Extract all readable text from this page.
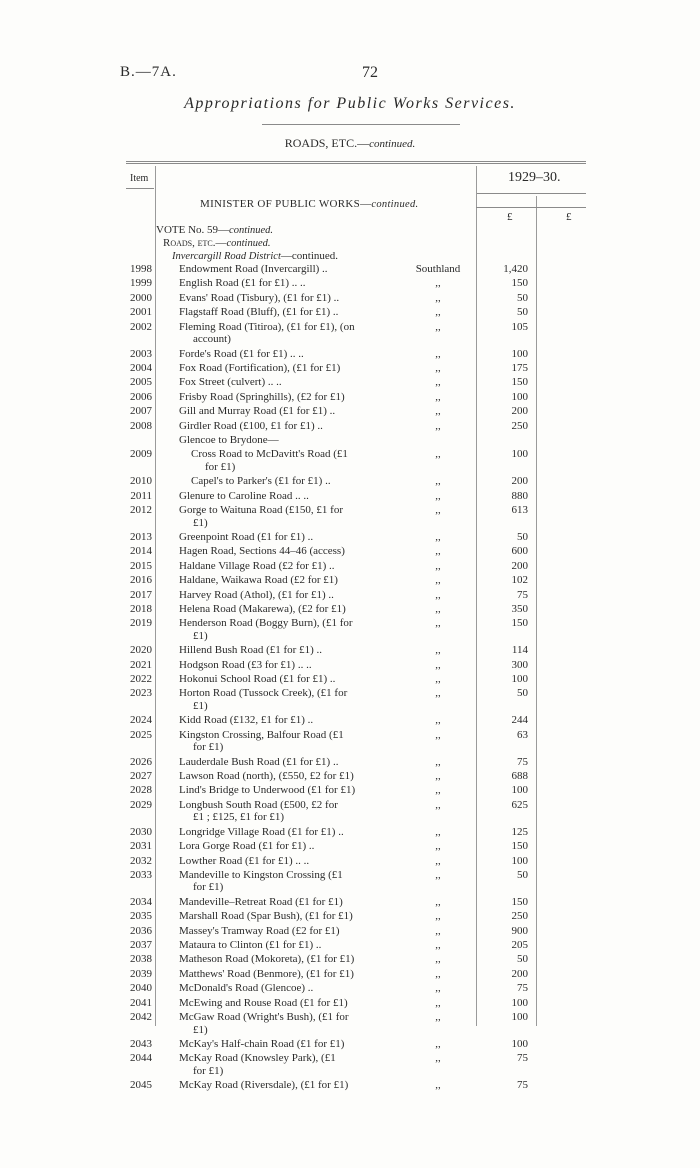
B.—7A.	72
Appropriations for Public Works Services.
ROADS, ETC.—continued.
Item	1929–30.
MINISTER OF PUBLIC WORKS—continued.
£	£
VOTE No. 59—continued.
Roads, etc.—continued.
Invercargill Road District—continued.
1998 Endowment Road (Invercargill) ..	Southland	1,420
1999 English Road (£1 for £1) .. ..	,,	150
2000 Evans' Road (Tisbury), (£1 for £1) ..	,,	50
2001 Flagstaff Road (Bluff), (£1 for £1) ..	,,	50
2002 Fleming Road (Titiroa), (£1 for £1), (on
account)
,,	105
2003 Forde's Road (£1 for £1) .. ..	,,	100
2004 Fox Road (Fortification), (£1 for £1)	,,	175
2005 Fox Street (culvert) .. ..	,,	150
2006 Frisby Road (Springhills), (£2 for £1)	,,	100
2007 Gill and Murray Road (£1 for £1) ..	,,	200
2008 Girdler Road (£100, £1 for £1) ..	,,	250
Glencoe to Brydone—
2009	Cross Road to McDavitt's Road (£1
for £1)
,,	100
2010	Capel's to Parker's (£1 for £1) ..	,,	200
2011 Glenure to Caroline Road .. ..	,,	880
2012 Gorge to Waituna Road (£150, £1 for
£1)
,,	613
2013 Greenpoint Road (£1 for £1) ..	,,	50
2014 Hagen Road, Sections 44–46 (access)	,,	600
2015 Haldane Village Road (£2 for £1) ..	,,	200
2016 Haldane, Waikawa Road (£2 for £1)	,,	102
2017 Harvey Road (Athol), (£1 for £1) ..	,,	75
2018 Helena Road (Makarewa), (£2 for £1)	,,	350
2019 Henderson Road (Boggy Burn), (£1 for
£1)
,,	150
2020 Hillend Bush Road (£1 for £1) ..	,,	114
2021 Hodgson Road (£3 for £1) .. ..	,,	300
2022 Hokonui School Road (£1 for £1) ..	,,	100
2023 Horton Road (Tussock Creek), (£1 for
£1)
,,	50
2024 Kidd Road (£132, £1 for £1) ..	,,	244
2025 Kingston Crossing, Balfour Road (£1
for £1)
,,	63
2026 Lauderdale Bush Road (£1 for £1) ..	,,	75
2027 Lawson Road (north), (£550, £2 for £1)	,,	688
2028 Lind's Bridge to Underwood (£1 for £1)	,,	100
2029 Longbush South Road (£500, £2 for
£1 ; £125, £1 for £1)
,,	625
2030 Longridge Village Road (£1 for £1) ..	,,	125
2031 Lora Gorge Road (£1 for £1) ..	,,	150
2032 Lowther Road (£1 for £1) .. ..	,,	100
2033 Mandeville to Kingston Crossing (£1
for £1)
,,	50
2034 Mandeville–Retreat Road (£1 for £1)	,,	150
2035 Marshall Road (Spar Bush), (£1 for £1)	,,	250
2036 Massey's Tramway Road (£2 for £1)	,,	900
2037 Mataura to Clinton (£1 for £1) ..	,,	205
2038 Matheson Road (Mokoreta), (£1 for £1)	,,	50
2039 Matthews' Road (Benmore), (£1 for £1)	,,	200
2040 McDonald's Road (Glencoe) ..	,,	75
2041 McEwing and Rouse Road (£1 for £1)	,,	100
2042 McGaw Road (Wright's Bush), (£1 for
£1)
,,	100
2043 McKay's Half-chain Road (£1 for £1)	,,	100
2044 McKay Road (Knowsley Park), (£1
for £1)
,,	75
2045 McKay Road (Riversdale), (£1 for £1)	,,	75
